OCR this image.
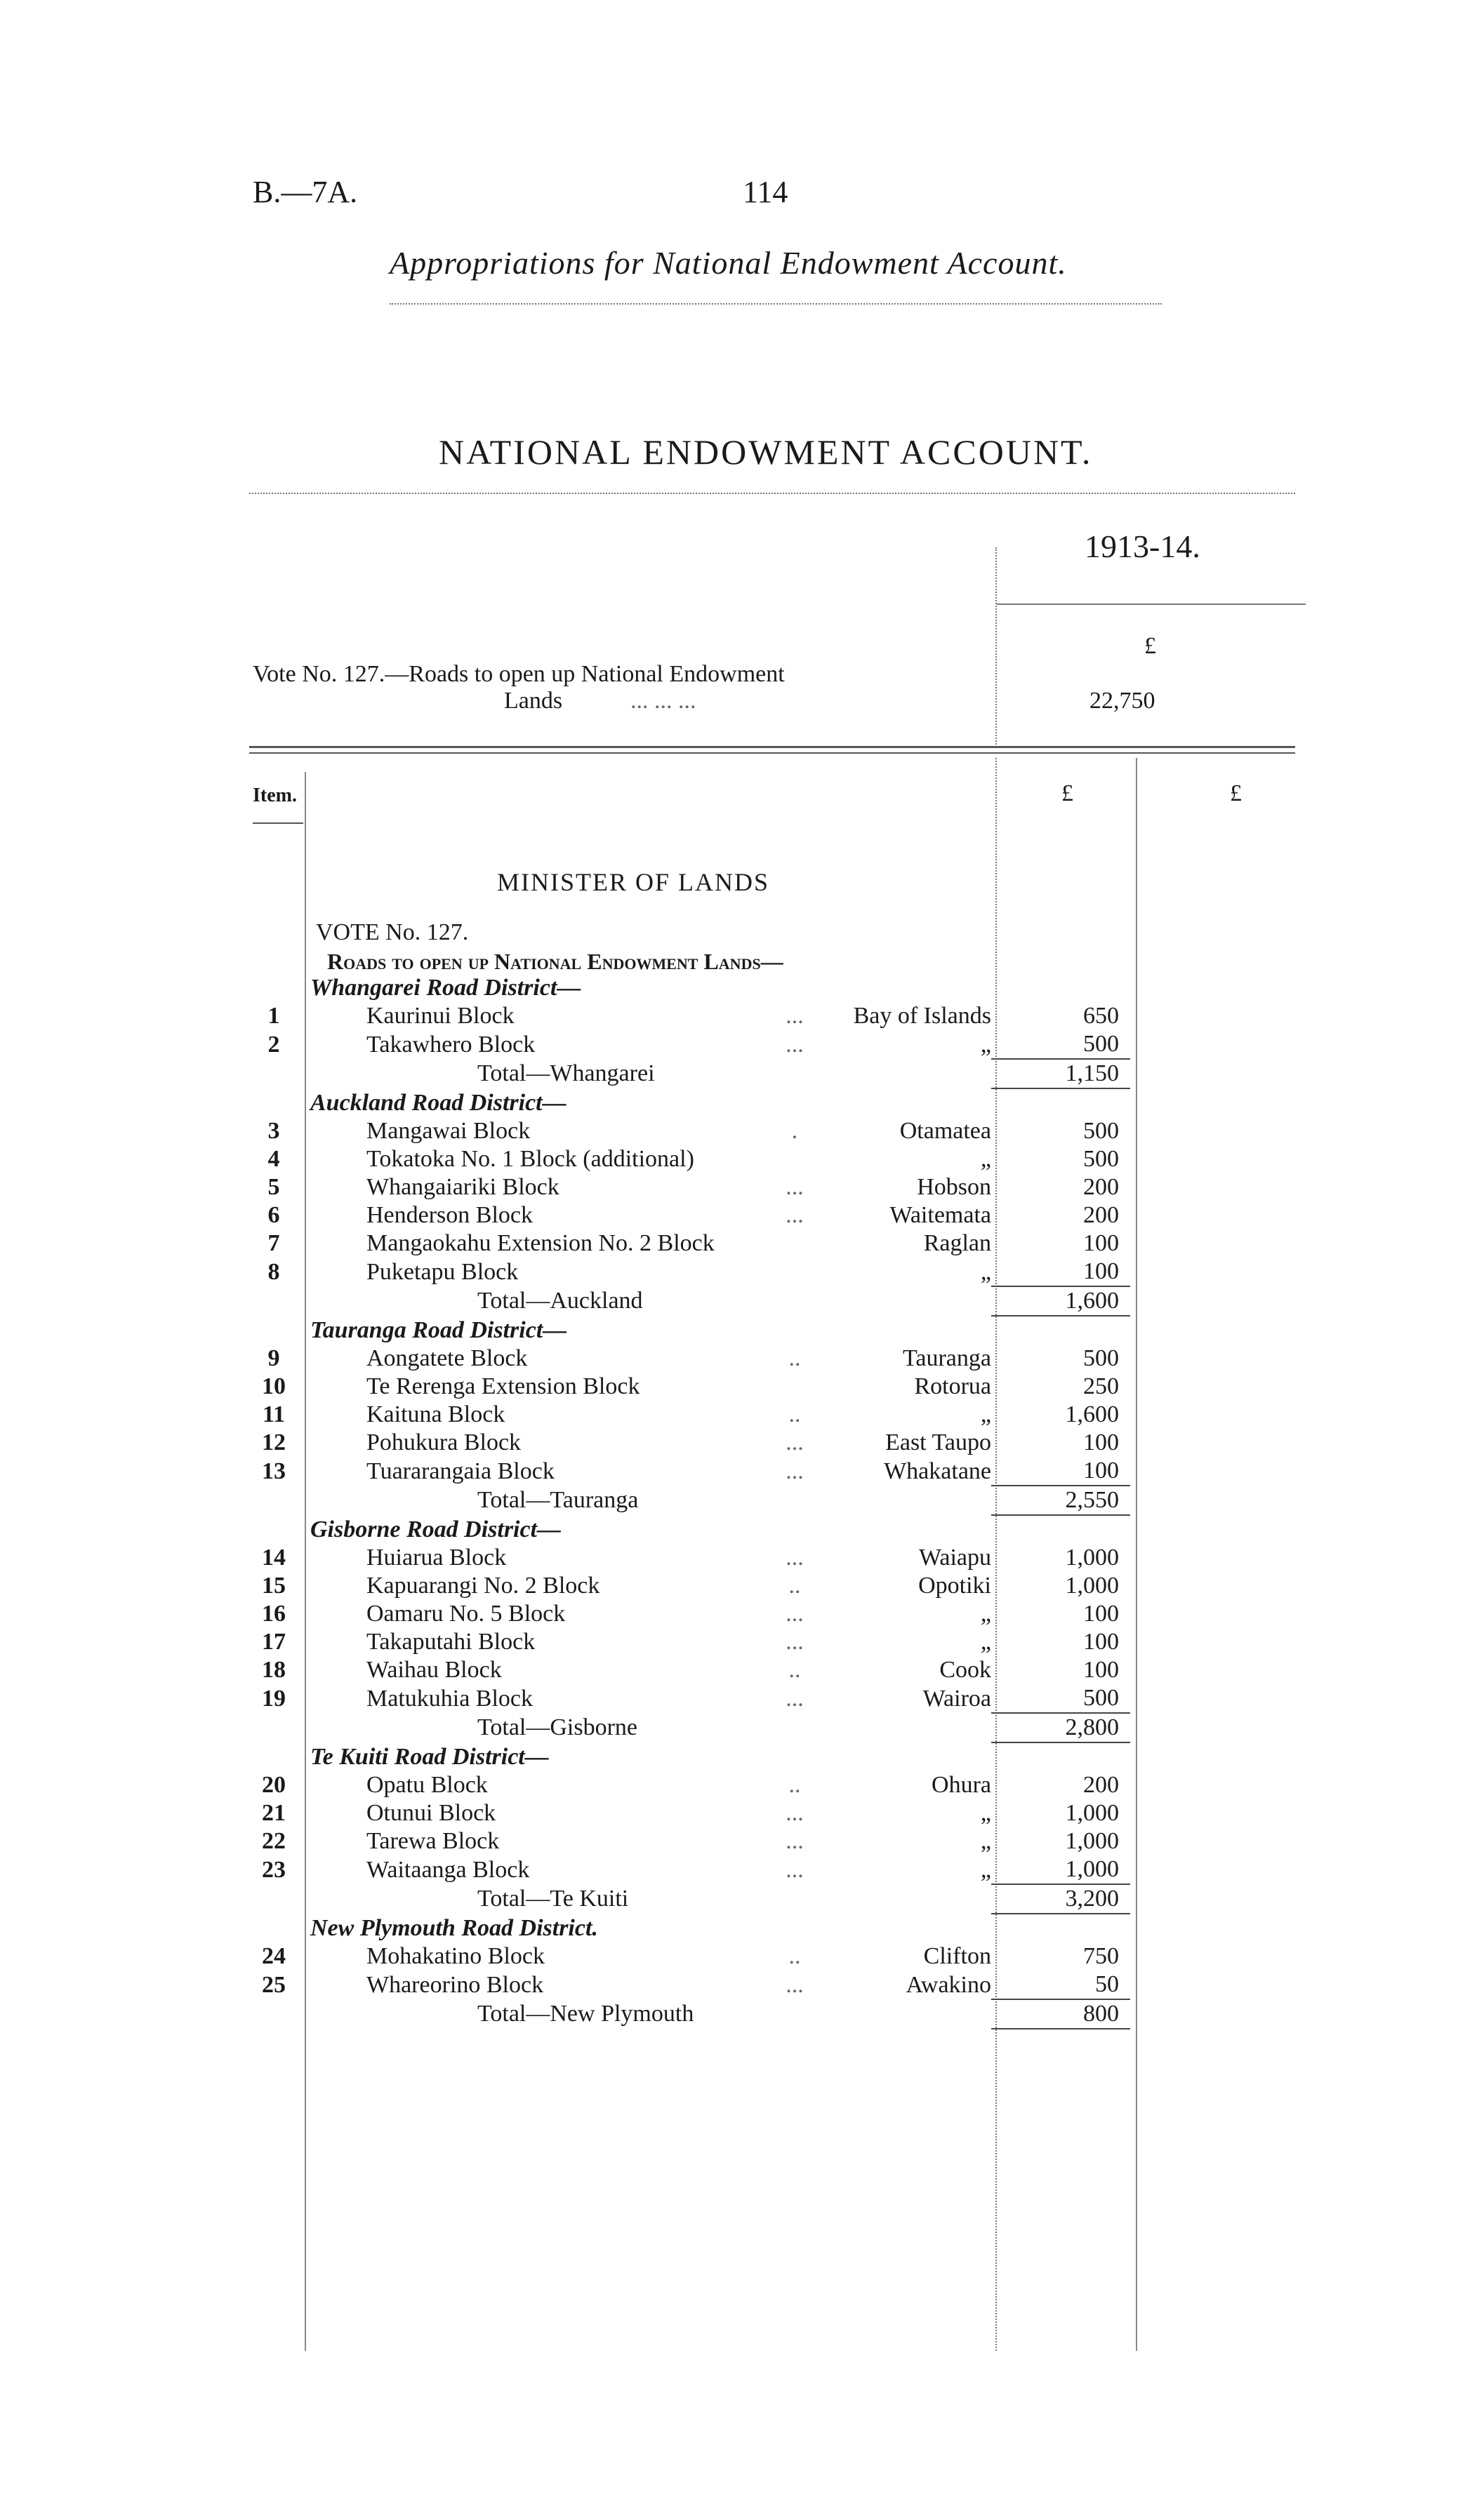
B.—7A.	114
Appropriations for National Endowment Account.
NATIONAL ENDOWMENT ACCOUNT.
1913-14.
£
Vote No. 127.—Roads to open up National Endowment
Lands	... ... ...	22,750
Item.	£	£
MINISTER OF LANDS
VOTE No. 127.
Roads to open up National Endowment Lands—
	Whangarei Road District—				
1		Kaurinui Block	...	Bay of Islands	650
2		Takawhero Block	...	„	500
		Total—Whangarei			1,150
	Auckland Road District—				
3		Mangawai Block	.	Otamatea	500
4		Tokatoka No. 1 Block (additional)		„	500
5		Whangaiariki Block	...	Hobson	200
6		Henderson Block	...	Waitemata	200
7		Mangaokahu Extension No. 2 Block		Raglan	100
8		Puketapu Block		„	100
		Total—Auckland			1,600
	Tauranga Road District—				
9		Aongatete Block	..	Tauranga	500
10		Te Rerenga Extension Block		Rotorua	250
11		Kaituna Block	..	„	1,600
12		Pohukura Block	...	East Taupo	100
13		Tuararangaia Block	...	Whakatane	100
		Total—Tauranga			2,550
	Gisborne Road District—				
14		Huiarua Block	...	Waiapu	1,000
15		Kapuarangi No. 2 Block	..	Opotiki	1,000
16		Oamaru No. 5 Block	...	„	100
17		Takaputahi Block	...	„	100
18		Waihau Block	..	Cook	100
19		Matukuhia Block	...	Wairoa	500
		Total—Gisborne			2,800
	Te Kuiti Road District—				
20		Opatu Block	..	Ohura	200
21		Otunui Block	...	„	1,000
22		Tarewa Block	...	„	1,000
23		Waitaanga Block	...	„	1,000
		Total—Te Kuiti			3,200
	New Plymouth Road District.				
24		Mohakatino Block	..	Clifton	750
25		Whareorino Block	...	Awakino	50
		Total—New Plymouth			800
